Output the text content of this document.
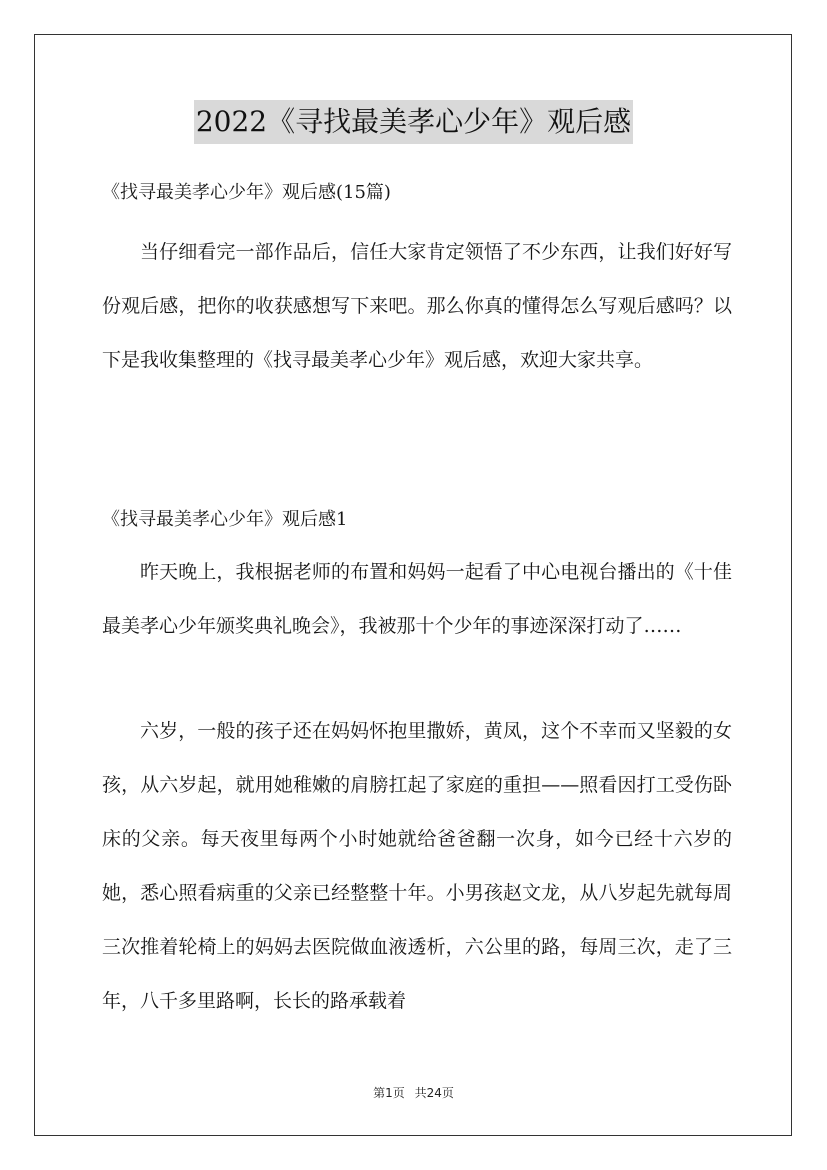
2022《寻找最美孝心少年》观后感
《找寻最美孝心少年》观后感(15篇)

当仔细看完一部作品后，信任大家肯定领悟了不少东西，让我们好好写份观后感，把你的收获感想写下来吧。那么你真的懂得怎么写观后感吗？以下是我收集整理的《找寻最美孝心少年》观后感，欢迎大家共享。

《找寻最美孝心少年》观后感1

昨天晚上，我根据老师的布置和妈妈一起看了中心电视台播出的《十佳最美孝心少年颁奖典礼晚会》，我被那十个少年的事迹深深打动了……

六岁，一般的孩子还在妈妈怀抱里撒娇，黄凤，这个不幸而又坚毅的女孩，从六岁起，就用她稚嫩的肩膀扛起了家庭的重担——照看因打工受伤卧床的父亲。每天夜里每两个小时她就给爸爸翻一次身，如今已经十六岁的她，悉心照看病重的父亲已经整整十年。小男孩赵文龙，从八岁起先就每周三次推着轮椅上的妈妈去医院做血液透析，六公里的路，每周三次，走了三年，八千多里路啊，长长的路承载着

第1页 共24页
